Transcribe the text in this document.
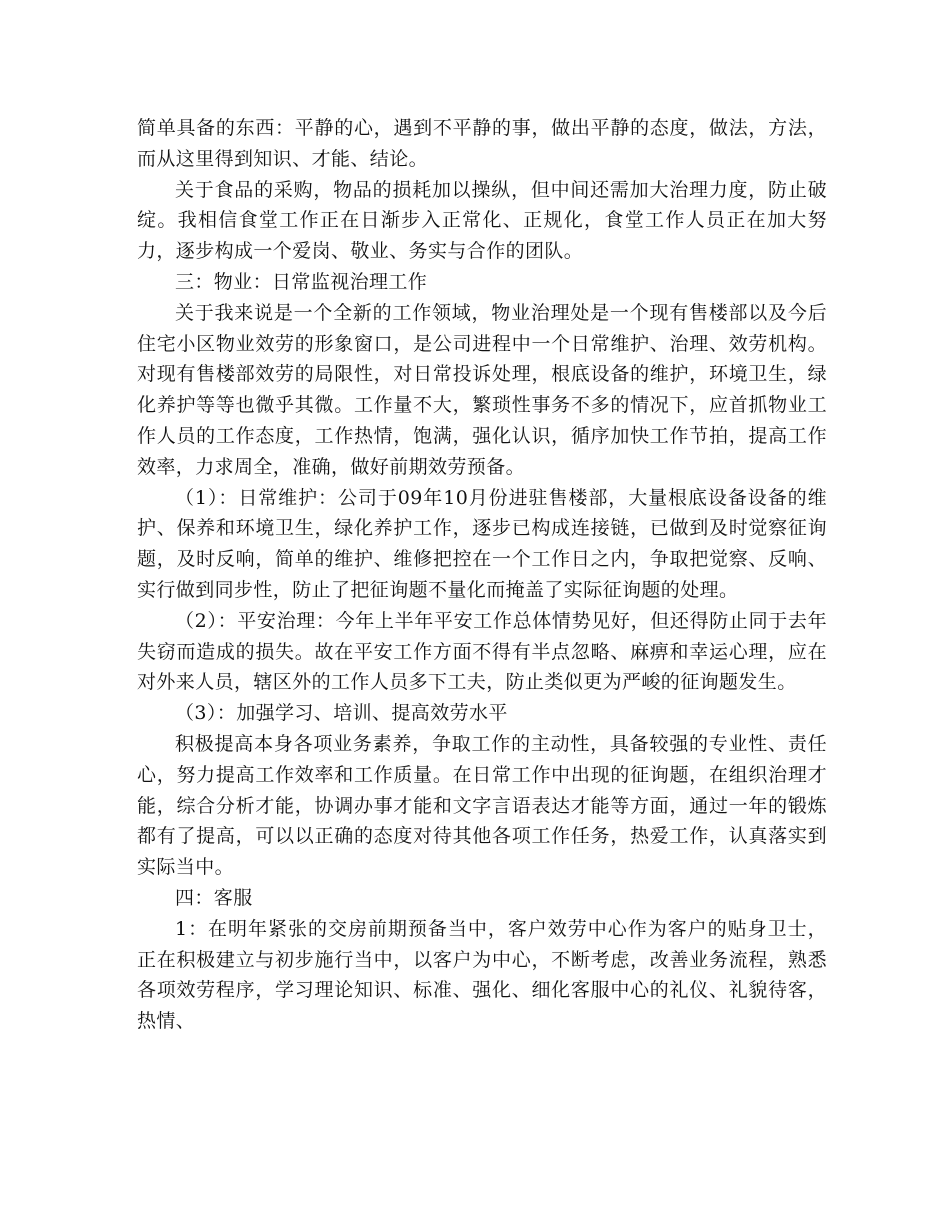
简单具备的东西：平静的心，遇到不平静的事，做出平静的态度，做法，方法，而从这里得到知识、才能、结论。

关于食品的采购，物品的损耗加以操纵，但中间还需加大治理力度，防止破绽。我相信食堂工作正在日渐步入正常化、正规化，食堂工作人员正在加大努力，逐步构成一个爱岗、敬业、务实与合作的团队。

三：物业：日常监视治理工作

关于我来说是一个全新的工作领域，物业治理处是一个现有售楼部以及今后住宅小区物业效劳的形象窗口，是公司进程中一个日常维护、治理、效劳机构。对现有售楼部效劳的局限性，对日常投诉处理，根底设备的维护，环境卫生，绿化养护等等也微乎其微。工作量不大，繁琐性事务不多的情况下，应首抓物业工作人员的工作态度，工作热情，饱满，强化认识，循序加快工作节拍，提高工作效率，力求周全，准确，做好前期效劳预备。

（1）：日常维护：公司于09年10月份进驻售楼部，大量根底设备设备的维护、保养和环境卫生，绿化养护工作，逐步已构成连接链，已做到及时觉察征询题，及时反响，简单的维护、维修把控在一个工作日之内，争取把觉察、反响、实行做到同步性，防止了把征询题不量化而掩盖了实际征询题的处理。

（2）：平安治理：今年上半年平安工作总体情势见好，但还得防止同于去年失窃而造成的损失。故在平安工作方面不得有半点忽略、麻痹和幸运心理，应在对外来人员，辖区外的工作人员多下工夫，防止类似更为严峻的征询题发生。

（3）：加强学习、培训、提高效劳水平

积极提高本身各项业务素养，争取工作的主动性，具备较强的专业性、责任心，努力提高工作效率和工作质量。在日常工作中出现的征询题，在组织治理才能，综合分析才能，协调办事才能和文字言语表达才能等方面，通过一年的锻炼都有了提高，可以以正确的态度对待其他各项工作任务，热爱工作，认真落实到实际当中。

四：客服

1：在明年紧张的交房前期预备当中，客户效劳中心作为客户的贴身卫士，正在积极建立与初步施行当中，以客户为中心，不断考虑，改善业务流程，熟悉各项效劳程序，学习理论知识、标准、强化、细化客服中心的礼仪、礼貌待客，热情、
